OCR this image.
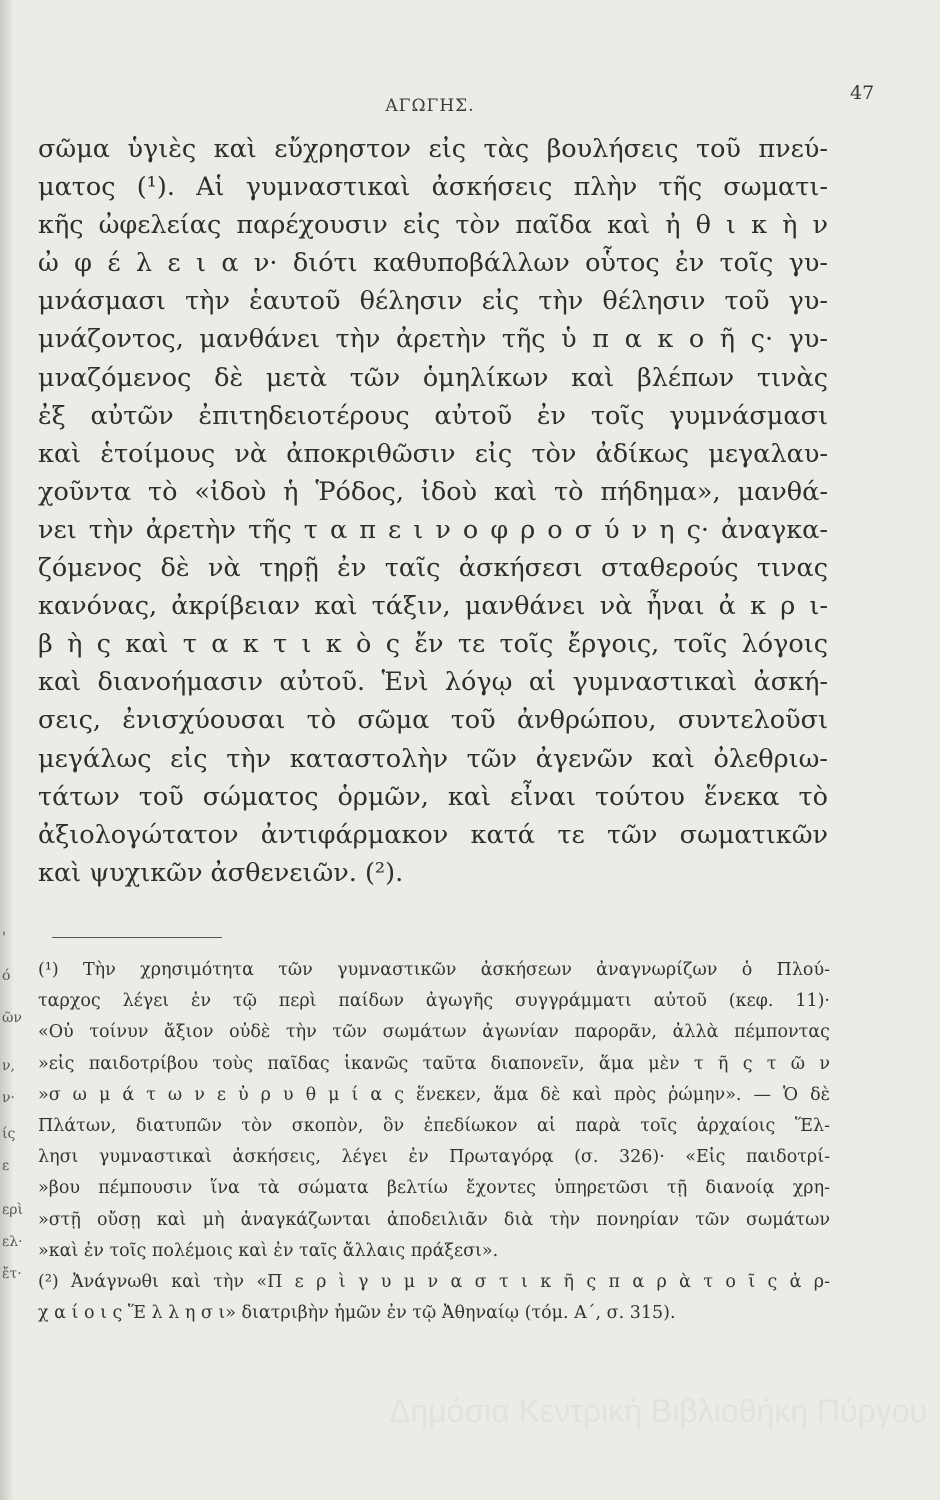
'
ό
ῶν
ν,
ν·
ίς
ε
ερὶ
ελ·
ἔτ·
ΑΓΩΓΗΣ.
47
σῶμα ὑγιὲς καὶ εὔχρηστον εἰς τὰς βουλήσεις τοῦ πνεύ-
ματος (¹). Αἱ γυμναστικαὶ ἀσκήσεις πλὴν τῆς σωματι-
κῆς ὠφελείας παρέχουσιν εἰς τὸν παῖδα καὶ ἠ θ ι κ ὴ ν
ὠ φ έ λ ε ι α ν· διότι καθυποβάλλων οὗτος ἐν τοῖς γυ-
μνάσμασι τὴν ἑαυτοῦ θέλησιν εἰς τὴν θέλησιν τοῦ γυ-
μνάζοντος, μανθάνει τὴν ἀρετὴν τῆς ὑ π α κ ο ῆ ς· γυ-
μναζόμενος δὲ μετὰ τῶν ὁμηλίκων καὶ βλέπων τινὰς
ἐξ αὐτῶν ἐπιτηδειοτέρους αὐτοῦ ἐν τοῖς γυμνάσμασι
καὶ ἑτοίμους νὰ ἀποκριθῶσιν εἰς τὸν ἀδίκως μεγαλαυ-
χοῦντα τὸ «ἰδοὺ ἡ Ῥόδος, ἰδοὺ καὶ τὸ πήδημα», μανθά-
νει τὴν ἀρετὴν τῆς τ α π ε ι ν ο φ ρ ο σ ύ ν η ς· ἀναγκα-
ζόμενος δὲ νὰ τηρῇ ἐν ταῖς ἀσκήσεσι σταθερούς τινας
κανόνας, ἀκρίβειαν καὶ τάξιν, μανθάνει νὰ ἦναι ἀ κ ρ ι-
β ὴ ς καὶ τ α κ τ ι κ ὸ ς ἔν τε τοῖς ἔργοις, τοῖς λόγοις
καὶ διανοήμασιν αὐτοῦ. Ἑνὶ λόγῳ αἱ γυμναστικαὶ ἀσκή-
σεις, ἐνισχύουσαι τὸ σῶμα τοῦ ἀνθρώπου, συντελοῦσι
μεγάλως εἰς τὴν καταστολὴν τῶν ἀγενῶν καὶ ὀλεθριω-
τάτων τοῦ σώματος ὁρμῶν, καὶ εἶναι τούτου ἕνεκα τὸ
ἀξιολογώτατον ἀντιφάρμακον κατά τε τῶν σωματικῶν
καὶ ψυχικῶν ἀσθενειῶν. (²).
(¹) Τὴν χρησιμότητα τῶν γυμναστικῶν ἀσκήσεων ἀναγνωρίζων ὁ Πλού-
ταρχος λέγει ἐν τῷ περὶ παίδων ἀγωγῆς συγγράμματι αὐτοῦ (κεφ. 11)·
«Οὐ τοίνυν ἄξιον οὐδὲ τὴν τῶν σωμάτων ἀγωνίαν παρορᾶν, ἀλλὰ πέμποντας
»εἰς παιδοτρίβου τοὺς παῖδας ἱκανῶς ταῦτα διαπονεῖν, ἅμα μὲν τ ῆ ς τ ῶ ν
»σ ω μ ά τ ω ν ε ὐ ρ υ θ μ ί α ς ἕνεκεν, ἅμα δὲ καὶ πρὸς ῥώμην». — Ὁ δὲ
Πλάτων, διατυπῶν τὸν σκοπὸν, ὃν ἐπεδίωκον αἱ παρὰ τοῖς ἀρχαίοις Ἕλ-
λησι γυμναστικαὶ ἀσκήσεις, λέγει ἐν Πρωταγόρᾳ (σ. 326)· «Εἰς παιδοτρί-
»βου πέμπουσιν ἵνα τὰ σώματα βελτίω ἔχοντες ὑπηρετῶσι τῇ διανοίᾳ χρη-
»στῇ οὔσῃ καὶ μὴ ἀναγκάζωνται ἀποδειλιᾶν διὰ τὴν πονηρίαν τῶν σωμάτων
»καὶ ἐν τοῖς πολέμοις καὶ ἐν ταῖς ἄλλαις πράξεσι».
(²) Ἀνάγνωθι καὶ τὴν «Π ε ρ ὶ γ υ μ ν α σ τ ι κ ῆ ς π α ρ ὰ τ ο ῖ ς ἀ ρ-
χ α ί ο ι ς Ἕ λ λ η σ ι» διατριβὴν ἡμῶν ἐν τῷ Ἀθηναίῳ (τόμ. Α΄, σ. 315).
Δημόσια Κεντρική Βιβλιοθήκη Πύργου
